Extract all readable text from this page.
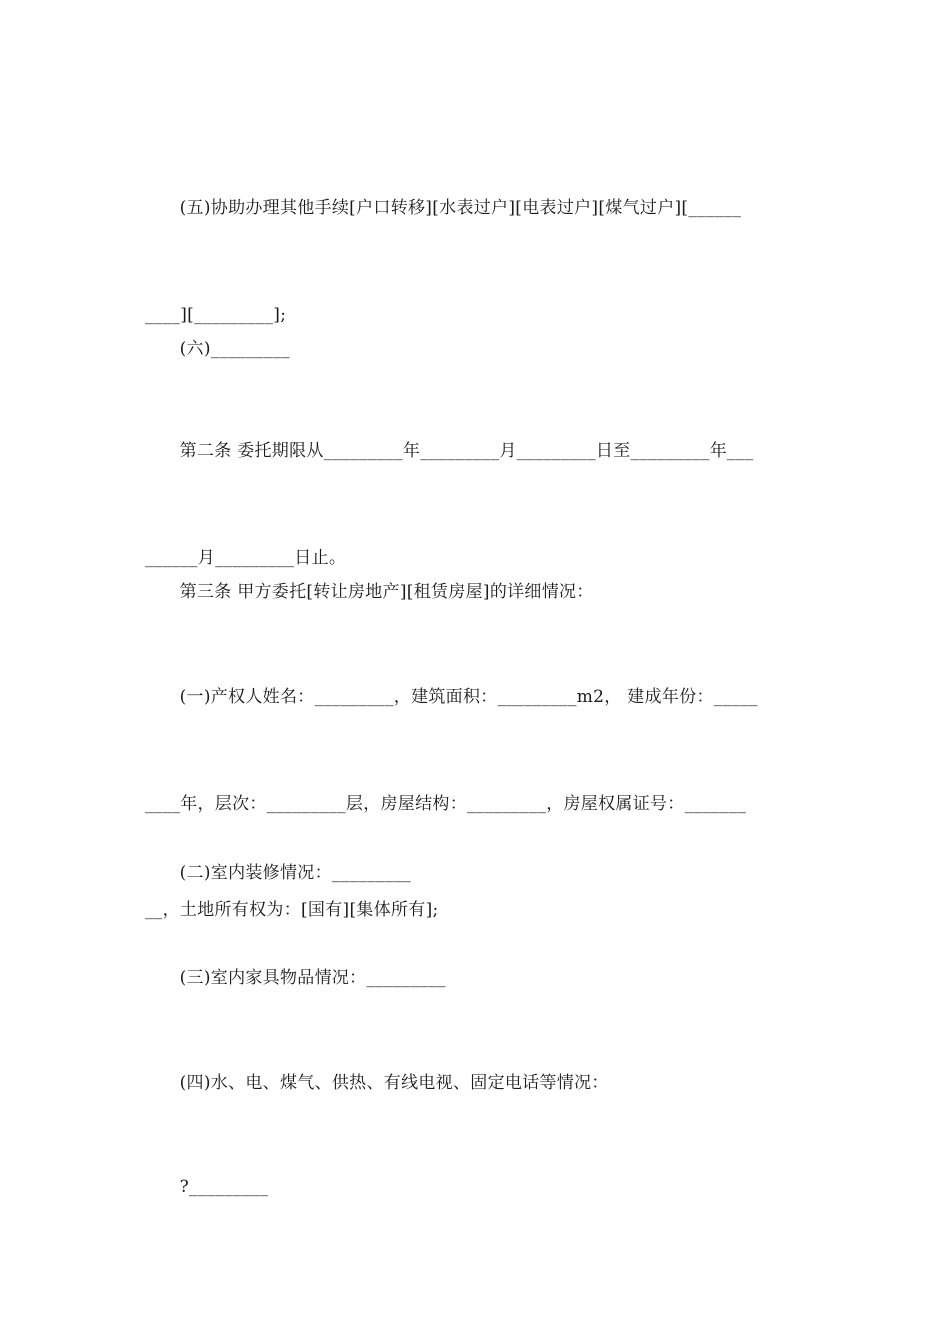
　　(五)协助办理其他手续[户口转移][水表过户][电表过户][煤气过户][______

____][_________];

　　(六)_________

　　第二条 委托期限从_________年_________月_________日至_________年___

______月_________日止。

　　第三条 甲方委托[转让房地产][租赁房屋]的详细情况：

　　(一)产权人姓名：_________，建筑面积：_________m2， 建成年份：_____

____年，层次：_________层，房屋结构：_________，房屋权属证号：_______

__，土地所有权为：[国有][集体所有];

　　(二)室内装修情况：_________

　　(三)室内家具物品情况：_________

　　(四)水、电、煤气、供热、有线电视、固定电话等情况：

　　?_________
